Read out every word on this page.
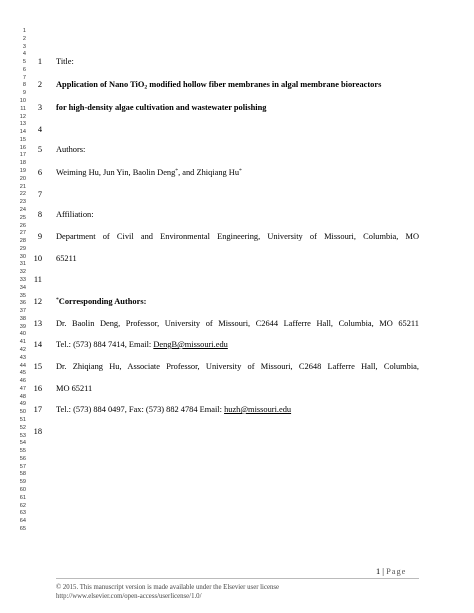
1
2
3
4
5
6
7
8
9
10
11
12
13
14
15
16
17
18
19
20
21
22
23
24
25
26
27
28
29
30
31
32
33
34
35
36
37
38
39
40
41
42
43
44
45
46
47
48
49
50
51
52
53
54
55
56
57
58
59
60
61
62
63
64
65
1 Title:
2 Application of Nano TiO$_2$ modified hollow fiber membranes in algal membrane bioreactors
3 for high-density algae cultivation and wastewater polishing
4
5 Authors:
6 Weiming Hu, Jun Yin, Baolin Deng*, and Zhiqiang Hu*
7
8 Affiliation:
9 Department of Civil and Environmental Engineering, University of Missouri, Columbia, MO
10 65211
11
12	*Corresponding Authors:
13 Dr. Baolin Deng, Professor, University of Missouri, C2644 Lafferre Hall, Columbia, MO 65211
14 Tel.: (573) 884 7414, Email: DengB@missouri.edu
15 Dr. Zhiqiang Hu, Associate Professor, University of Missouri, C2648 Lafferre Hall, Columbia,
16 MO 65211
17 Tel.: (573) 884 0497, Fax: (573) 882 4784 Email: huzh@missouri.edu
18
1 | Page
© 2015. This manuscript version is made available under the Elsevier user license
http://www.elsevier.com/open-access/userlicense/1.0/
